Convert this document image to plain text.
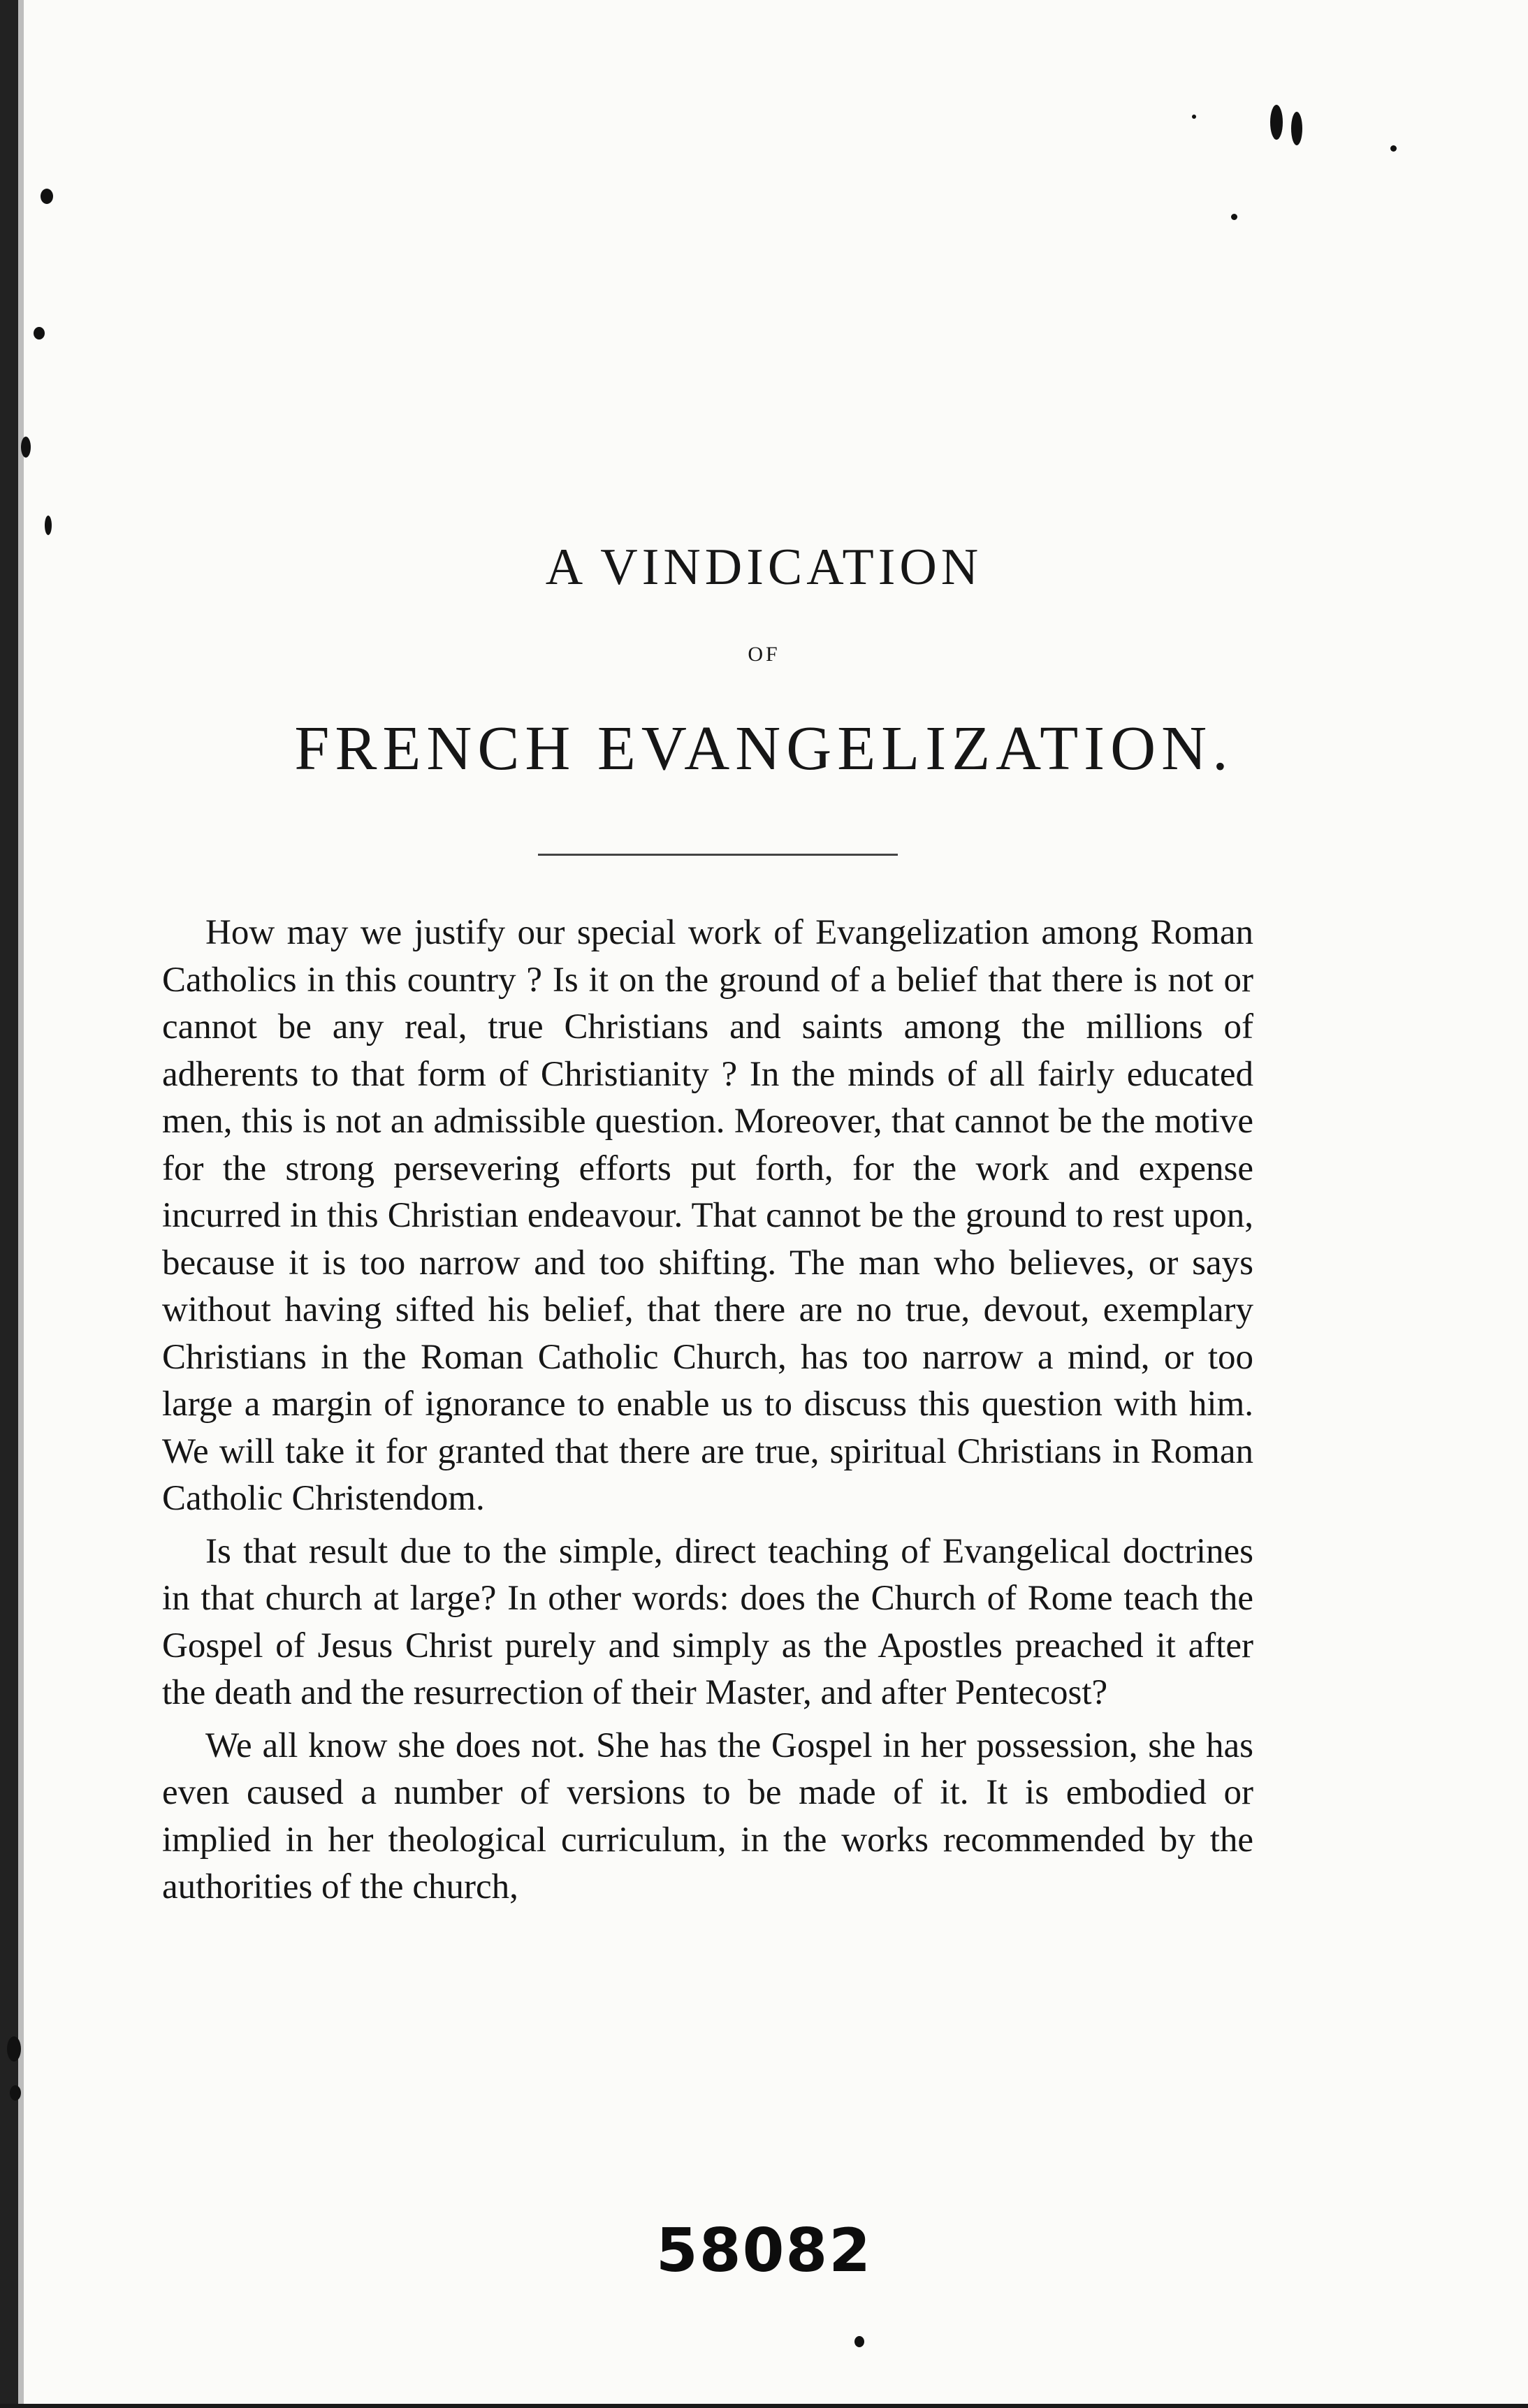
A VINDICATION
OF
FRENCH EVANGELIZATION.

How may we justify our special work of Evangelization among Roman Catholics in this country ? Is it on the ground of a belief that there is not or cannot be any real, true Christians and saints among the millions of adherents to that form of Christianity ? In the minds of all fairly educated men, this is not an admissible question. Moreover, that cannot be the motive for the strong persevering efforts put forth, for the work and expense incurred in this Christian endeavour. That cannot be the ground to rest upon, because it is too narrow and too shifting. The man who believes, or says without having sifted his belief, that there are no true, devout, exemplary Christians in the Roman Catholic Church, has too narrow a mind, or too large a margin of ignorance to enable us to discuss this question with him. We will take it for granted that there are true, spiritual Christians in Roman Catholic Christendom.

Is that result due to the simple, direct teaching of Evangelical doctrines in that church at large? In other words: does the Church of Rome teach the Gospel of Jesus Christ purely and simply as the Apostles preached it after the death and the resurrection of their Master, and after Pentecost?

We all know she does not. She has the Gospel in her possession, she has even caused a number of versions to be made of it. It is embodied or implied in her theological curriculum, in the works recommended by the authorities of the church,

58082
